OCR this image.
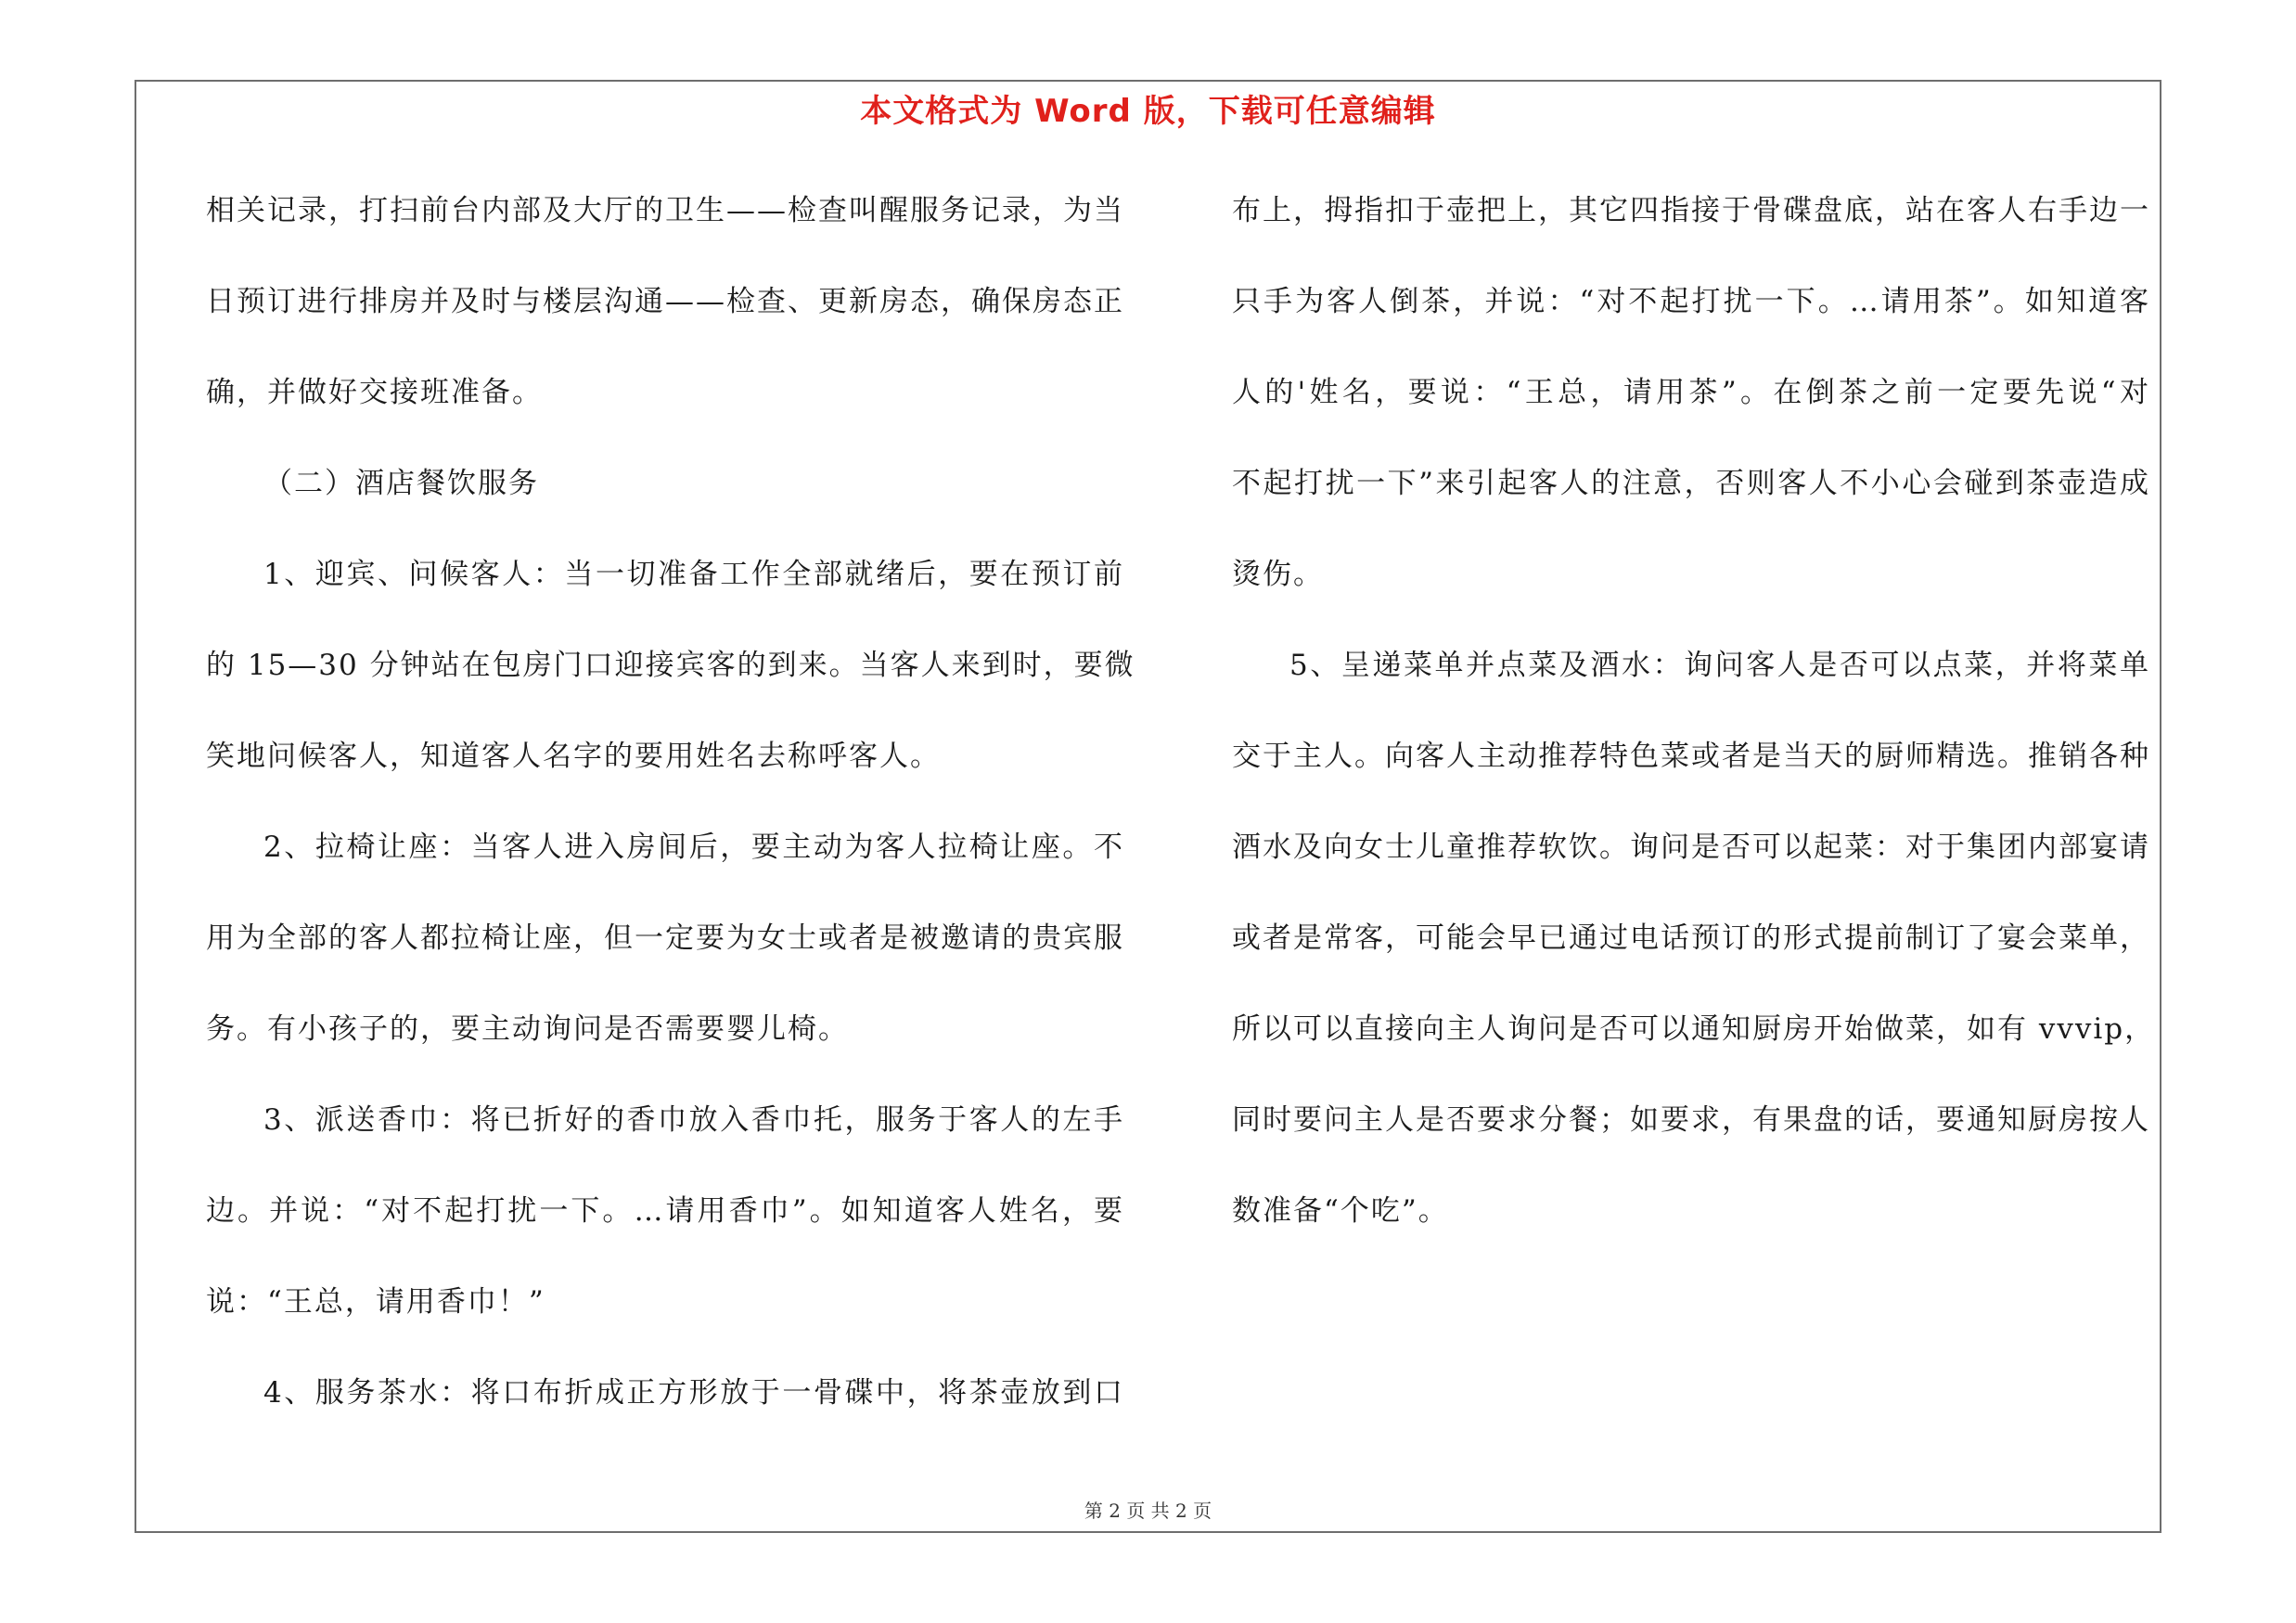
本文格式为 Word 版，下载可任意编辑
相关记录，打扫前台内部及大厅的卫生——检查叫醒服务记录，为当
日预订进行排房并及时与楼层沟通——检查、更新房态，确保房态正
确，并做好交接班准备。
（二）酒店餐饮服务
1、迎宾、问候客人：当一切准备工作全部就绪后，要在预订前
的 15—30 分钟站在包房门口迎接宾客的到来。当客人来到时，要微
笑地问候客人，知道客人名字的要用姓名去称呼客人。
2、拉椅让座：当客人进入房间后，要主动为客人拉椅让座。不
用为全部的客人都拉椅让座，但一定要为女士或者是被邀请的贵宾服
务。有小孩子的，要主动询问是否需要婴儿椅。
3、派送香巾：将已折好的香巾放入香巾托，服务于客人的左手
边。并说：“对不起打扰一下。…请用香巾”。如知道客人姓名，要
说：“王总，请用香巾！”
4、服务茶水：将口布折成正方形放于一骨碟中，将茶壶放到口
布上，拇指扣于壶把上，其它四指接于骨碟盘底，站在客人右手边一
只手为客人倒茶，并说：“对不起打扰一下。…请用茶”。如知道客
人的'姓名，要说：“王总，请用茶”。在倒茶之前一定要先说“对
不起打扰一下”来引起客人的注意，否则客人不小心会碰到茶壶造成
烫伤。
5、呈递菜单并点菜及酒水：询问客人是否可以点菜，并将菜单
交于主人。向客人主动推荐特色菜或者是当天的厨师精选。推销各种
酒水及向女士儿童推荐软饮。询问是否可以起菜：对于集团内部宴请
或者是常客，可能会早已通过电话预订的形式提前制订了宴会菜单，
所以可以直接向主人询问是否可以通知厨房开始做菜，如有 vvvip，
同时要问主人是否要求分餐；如要求，有果盘的话，要通知厨房按人
数准备“个吃”。
第 2 页 共 2 页
